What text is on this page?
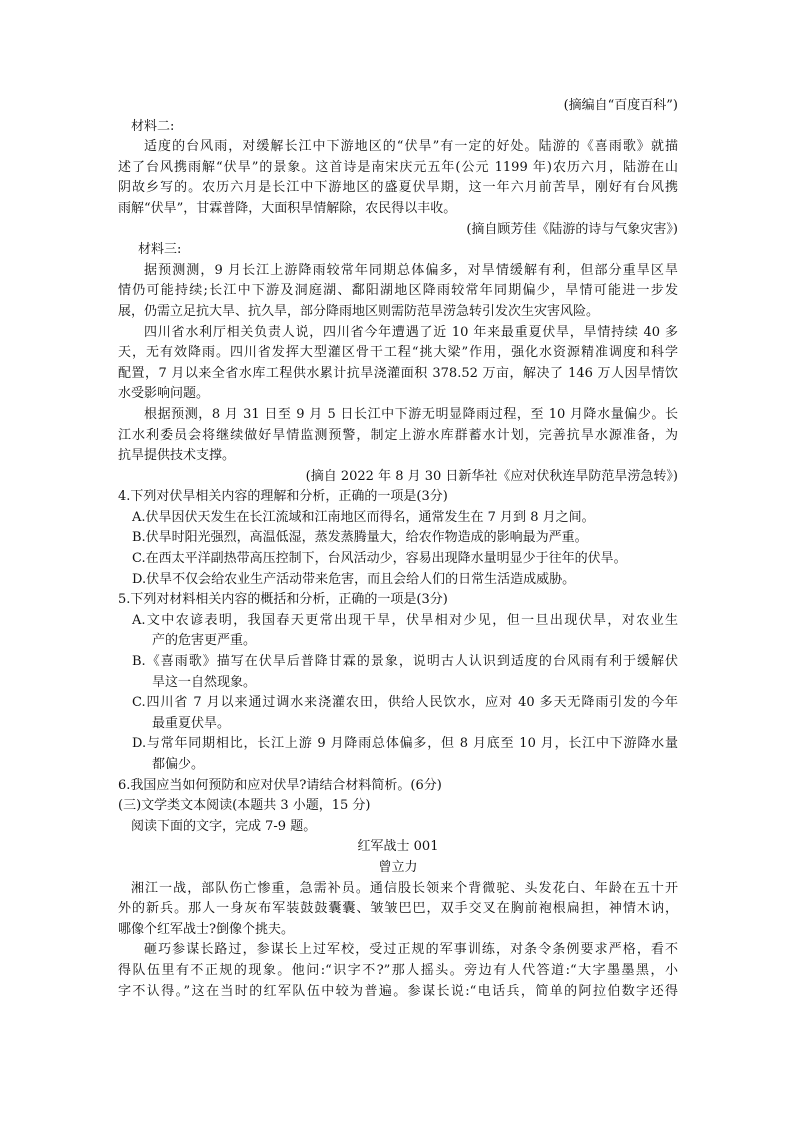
(摘编自“百度百科”)
材料二:
适度的台风雨，对缓解长江中下游地区的“伏旱”有一定的好处。陆游的《喜雨歌》就描
述了台风携雨解“伏旱”的景象。这首诗是南宋庆元五年(公元 1199 年)农历六月，陆游在山
阴故乡写的。农历六月是长江中下游地区的盛夏伏旱期，这一年六月前苦旱，刚好有台风携
雨解“伏旱”，甘霖普降，大面积旱情解除，农民得以丰收。
(摘自顾芳佳《陆游的诗与气象灾害》)
材料三:
据预测测，9 月长江上游降雨较常年同期总体偏多，对旱情缓解有利，但部分重旱区旱
情仍可能持续;长江中下游及洞庭湖、鄱阳湖地区降雨较常年同期偏少，旱情可能进一步发
展，仍需立足抗大旱、抗久旱，部分降雨地区则需防范旱涝急转引发次生灾害风险。
四川省水利厅相关负责人说，四川省今年遭遇了近 10 年来最重夏伏旱，旱情持续 40 多
天，无有效降雨。四川省发挥大型灌区骨干工程“挑大梁”作用，强化水资源精准调度和科学
配置，7 月以来全省水库工程供水累计抗旱浇灌面积 378.52 万亩，解决了 146 万人因旱情饮
水受影响问题。
根据预测，8 月 31 日至 9 月 5 日长江中下游无明显降雨过程，至 10 月降水量偏少。长
江水利委员会将继续做好旱情监测预警，制定上游水库群蓄水计划，完善抗旱水源准备，为
抗旱提供技术支撑。
(摘自 2022 年 8 月 30 日新华社《应对伏秋连旱防范旱涝急转》)
4.下列对伏旱相关内容的理解和分析，正确的一项是(3分)
A.伏旱因伏天发生在长江流域和江南地区而得名，通常发生在 7 月到 8 月之间。
B.伏旱时阳光强烈，高温低湿，蒸发蒸腾量大，给农作物造成的影响最为严重。
C.在西太平洋副热带高压控制下，台风活动少，容易出现降水量明显少于往年的伏旱。
D.伏旱不仅会给农业生产活动带来危害，而且会给人们的日常生活造成威胁。
5.下列对材料相关内容的概括和分析，正确的一项是(3分)
A.文中农谚表明，我国春天更常出现干旱，伏旱相对少见，但一旦出现伏旱，对农业生
产的危害更严重。
B.《喜雨歌》描写在伏旱后普降甘霖的景象，说明古人认识到适度的台风雨有利于缓解伏
旱这一自然现象。
C.四川省 7 月以来通过调水来浇灌农田，供给人民饮水，应对 40 多天无降雨引发的今年
最重夏伏旱。
D.与常年同期相比，长江上游 9 月降雨总体偏多，但 8 月底至 10 月，长江中下游降水量
都偏少。
6.我国应当如何预防和应对伏旱?请结合材料简析。(6分)
(三)文学类文本阅读(本题共 3 小题，15 分)
阅读下面的文字，完成 7-9 题。
红军战士 001
曾立力
湘江一战，部队伤亡惨重，急需补员。通信股长领来个背微驼、头发花白、年龄在五十开
外的新兵。那人一身灰布军装鼓鼓囊囊、皱皱巴巴，双手交叉在胸前袍根扁担，神情木讷，
哪像个红军战士?倒像个挑夫。
砸巧参谋长路过，参谋长上过军校，受过正规的军事训练，对条令条例要求严格，看不
得队伍里有不正规的现象。他问:“识字不?”那人摇头。旁边有人代答道:“大字墨墨黑，小
字不认得。”这在当时的红军队伍中较为普遍。参谋长说:“电话兵，简单的阿拉伯数字还得
